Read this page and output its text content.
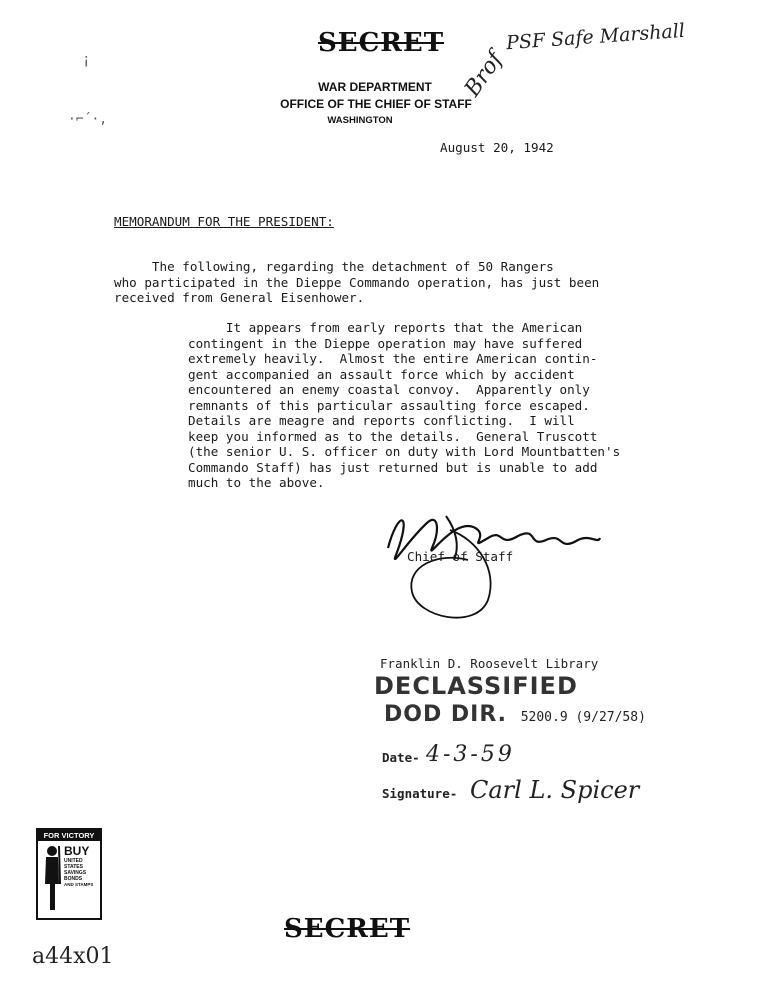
¡
·⌐´·,
SECRET	PSF Safe Marshall
Brof
WAR DEPARTMENT
OFFICE OF THE CHIEF OF STAFF
WASHINGTON
August 20, 1942
MEMORANDUM FOR THE PRESIDENT:
The following, regarding the detachment of 50 Rangers
who participated in the Dieppe Commando operation, has just been
received from General Eisenhower.
It appears from early reports that the American
contingent in the Dieppe operation may have suffered
extremely heavily.  Almost the entire American contin-
gent accompanied an assault force which by accident
encountered an enemy coastal convoy.  Apparently only
remnants of this particular assaulting force escaped.
Details are meagre and reports conflicting.  I will
keep you informed as to the details.  General Truscott
(the senior U. S. officer on duty with Lord Mountbatten's
Commando Staff) has just returned but is unable to add
much to the above.
Chief of Staff
Franklin D. Roosevelt Library
DECLASSIFIED
DOD DIR. 5200.9 (9/27/58)
Date- 4-3-59
Signature- Carl L. Spicer
FOR VICTORY
BUY
UNITED
STATES
SAVINGS
BONDS
AND STAMPS
SECRET
a44x01
